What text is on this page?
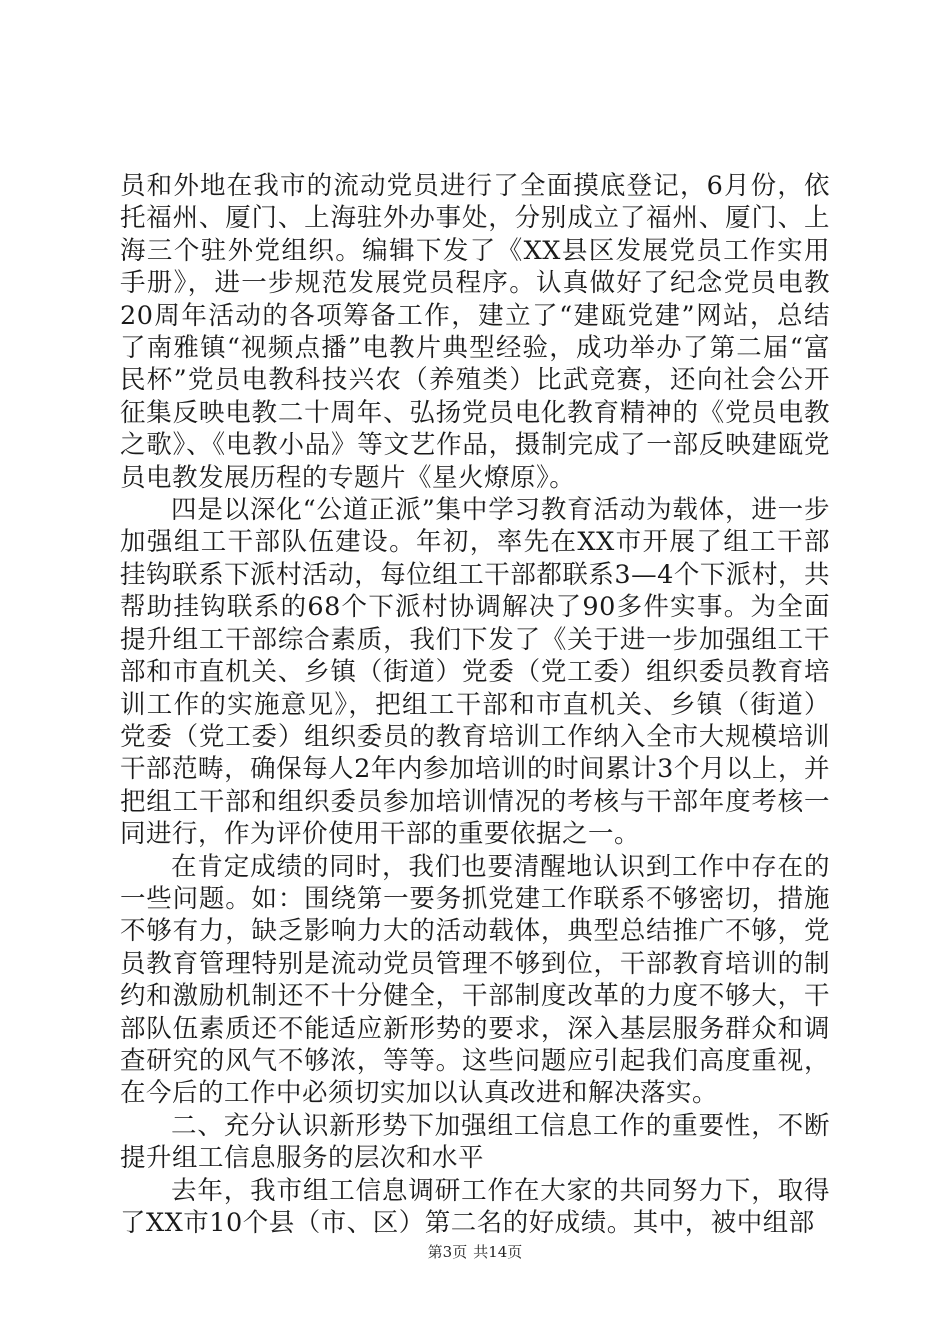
员和外地在我市的流动党员进行了全面摸底登记，6月份，依托福州、厦门、上海驻外办事处，分别成立了福州、厦门、上海三个驻外党组织。编辑下发了《XX县区发展党员工作实用手册》，进一步规范发展党员程序。认真做好了纪念党员电教20周年活动的各项筹备工作，建立了“建瓯党建”网站，总结了南雅镇“视频点播”电教片典型经验，成功举办了第二届“富民杯”党员电教科技兴农（养殖类）比武竞赛，还向社会公开征集反映电教二十周年、弘扬党员电化教育精神的《党员电教之歌》、《电教小品》等文艺作品，摄制完成了一部反映建瓯党员电教发展历程的专题片《星火燎原》。

四是以深化“公道正派”集中学习教育活动为载体，进一步加强组工干部队伍建设。年初，率先在XX市开展了组工干部挂钩联系下派村活动，每位组工干部都联系3—4个下派村，共帮助挂钩联系的68个下派村协调解决了90多件实事。为全面提升组工干部综合素质，我们下发了《关于进一步加强组工干部和市直机关、乡镇（街道）党委（党工委）组织委员教育培训工作的实施意见》，把组工干部和市直机关、乡镇（街道）党委（党工委）组织委员的教育培训工作纳入全市大规模培训干部范畴，确保每人2年内参加培训的时间累计3个月以上，并把组工干部和组织委员参加培训情况的考核与干部年度考核一同进行，作为评价使用干部的重要依据之一。

在肯定成绩的同时，我们也要清醒地认识到工作中存在的一些问题。如：围绕第一要务抓党建工作联系不够密切，措施不够有力，缺乏影响力大的活动载体，典型总结推广不够，党员教育管理特别是流动党员管理不够到位，干部教育培训的制约和激励机制还不十分健全，干部制度改革的力度不够大，干部队伍素质还不能适应新形势的要求，深入基层服务群众和调查研究的风气不够浓，等等。这些问题应引起我们高度重视，在今后的工作中必须切实加以认真改进和解决落实。

二、充分认识新形势下加强组工信息工作的重要性，不断提升组工信息服务的层次和水平

去年，我市组工信息调研工作在大家的共同努力下，取得了XX市10个县（市、区）第二名的好成绩。其中，被中组部

第3页 共14页
